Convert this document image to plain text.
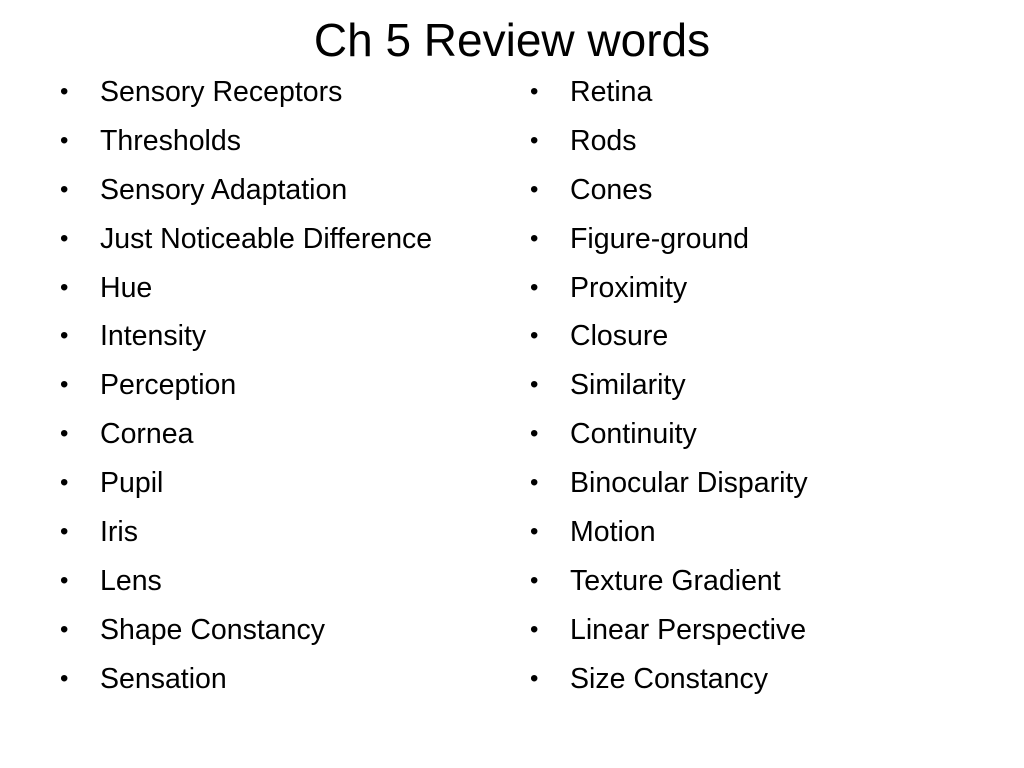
Ch 5 Review words
•	Sensory Receptors
•	Thresholds
•	Sensory Adaptation
•	Just Noticeable Difference
•	Hue
•	Intensity
•	Perception
•	Cornea
•	Pupil
•	Iris
•	Lens
•	Shape Constancy
•	Sensation
•	Retina
•	Rods
•	Cones
•	Figure-ground
•	Proximity
•	Closure
•	Similarity
•	Continuity
•	Binocular Disparity
•	Motion
•	Texture Gradient
•	Linear Perspective
•	Size Constancy
